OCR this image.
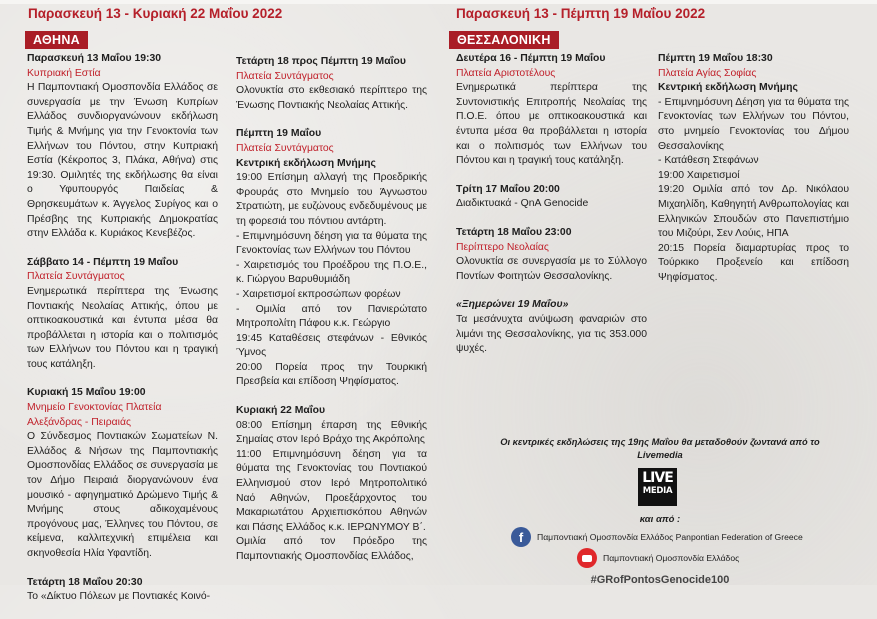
Παρασκευή 13 - Κυριακή 22 Μαΐου 2022
ΑΘΗΝΑ
Παρασκευή 13 - Πέμπτη 19 Μαΐου 2022
ΘΕΣΣΑΛΟΝΙΚΗ
Παρασκευή 13 Μαΐου 19:30
Κυπριακή Εστία
Η Παμποντιακή Ομοσπονδία Ελλάδος σε συνεργασία με την Ένωση Κυπρίων Ελλάδος συνδιοργανώνουν εκδήλωση Τιμής & Μνήμης για την Γενοκτονία των Ελλήνων του Πόντου, στην Κυπριακή Εστία (Κέκροπος 3, Πλάκα, Αθήνα) στις 19:30. Ομιλητές της εκδήλωσης θα είναι ο Υφυπουργός Παιδείας & Θρησκευμάτων κ. Άγγελος Συρίγος και ο Πρέσβης της Κυπριακής Δημοκρατίας στην Ελλάδα κ. Κυριάκος Κενεβέζος.
Σάββατο 14 - Πέμπτη 19 Μαΐου
Πλατεία Συντάγματος
Ενημερωτικά περίπτερα της Ένωσης Ποντιακής Νεολαίας Αττικής, όπου με οπτικοακουστικά και έντυπα μέσα θα προβάλλεται η ιστορία και ο πολιτισμός των Ελλήνων του Πόντου και η τραγική τους κατάληξη.
Κυριακή 15 Μαΐου 19:00
Μνημείο Γενοκτονίας Πλατεία Αλεξάνδρας - Πειραιάς
Ο Σύνδεσμος Ποντιακών Σωματείων Ν. Ελλάδος & Νήσων της Παμποντιακής Ομοσπονδίας Ελλάδος σε συνεργασία με τον Δήμο Πειραιά διοργανώνουν ένα μουσικό - αφηγηματικό Δρώμενο Τιμής & Μνήμης στους αδικοχαμένους προγόνους μας, Έλληνες του Πόντου, σε κείμενα, καλλιτεχνική επιμέλεια και σκηνοθεσία Ηλία Υφαντίδη.
Τετάρτη 18 Μαΐου 20:30
Το «Δίκτυο Πόλεων με Ποντιακές Κοινό-
Τετάρτη 18 προς Πέμπτη 19 Μαΐου
Πλατεία Συντάγματος
Ολονυκτία στο εκθεσιακό περίπτερο της Ένωσης Ποντιακής Νεολαίας Αττικής.
Πέμπτη 19 Μαΐου
Πλατεία Συντάγματος
Κεντρική εκδήλωση Μνήμης
19:00 Επίσημη αλλαγή της Προεδρικής Φρουράς στο Μνημείο του Άγνωστου Στρατιώτη, με ευζώνους ενδεδυμένους με τη φορεσιά του πόντιου αντάρτη.
- Επιμνημόσυνη δέηση για τα θύματα της Γενοκτονίας των Ελλήνων του Πόντου
- Χαιρετισμός του Προέδρου της Π.Ο.Ε., κ. Γιώργου Βαρυθυμιάδη
- Χαιρετισμοί εκπροσώπων φορέων
- Ομιλία από τον Πανιερώτατο Μητροπολίτη Πάφου κ.κ. Γεώργιο
19:45 Καταθέσεις στεφάνων - Εθνικός Ύμνος
20:00 Πορεία προς την Τουρκική Πρεσβεία και επίδοση Ψηφίσματος.
Κυριακή 22 Μαΐου
08:00 Επίσημη έπαρση της Εθνικής Σημαίας στον Ιερό Βράχο της Ακρόπολης
11:00 Επιμνημόσυνη δέηση για τα θύματα της Γενοκτονίας του Ποντιακού Ελληνισμού στον Ιερό Μητροπολιτικό Ναό Αθηνών, Προεξάρχοντος του Μακαριωτάτου Αρχιεπισκόπου Αθηνών και Πάσης Ελλάδος κ.κ. ΙΕΡΩΝΥΜΟΥ Β΄.
Ομιλία από τον Πρόεδρο της Παμποντιακής Ομοσπονδίας Ελλάδος,
Δευτέρα 16 - Πέμπτη 19 Μαΐου
Πλατεία Αριστοτέλους
Ενημερωτικά περίπτερα της Συντονιστικής Επιτροπής Νεολαίας της Π.Ο.Ε. όπου με οπτικοακουστικά και έντυπα μέσα θα προβάλλεται η ιστορία και ο πολιτισμός των Ελλήνων του Πόντου και η τραγική τους κατάληξη.
Τρίτη 17 Μαΐου 20:00
Διαδικτυακά - QnA Genocide
Τετάρτη 18 Μαΐου 23:00
Περίπτερο Νεολαίας
Ολονυκτία σε συνεργασία με το Σύλλογο Ποντίων Φοιτητών Θεσσαλονίκης.
«Ξημερώνει 19 Μαΐου»
Τα μεσάνυχτα ανύψωση φαναριών στο λιμάνι της Θεσσαλονίκης, για τις 353.000 ψυχές.
Πέμπτη 19 Μαΐου 18:30
Πλατεία Αγίας Σοφίας
Κεντρική εκδήλωση Μνήμης
- Επιμνημόσυνη Δέηση για τα θύματα της Γενοκτονίας των Ελλήνων του Πόντου, στο μνημείο Γενοκτονίας του Δήμου Θεσσαλονίκης
- Κατάθεση Στεφάνων
19:00 Χαιρετισμοί
19:20 Ομιλία από τον Δρ. Νικόλαου Μιχαηλίδη, Καθηγητή Ανθρωπολογίας και Ελληνικών Σπουδών στο Πανεπιστήμιο του Μιζούρι, Σεν Λούις, ΗΠΑ
20:15 Πορεία διαμαρτυρίας προς το Τούρκικο Προξενείο και επίδοση Ψηφίσματος.
Οι κεντρικές εκδηλώσεις της 19ης Μαΐου θα μεταδοθούν ζωντανά από το Livemedia
LIVE
MEDIA
και από :
f	Παμποντιακή Ομοσπονδία Ελλάδος Panpontian Federation of Greece
Παμποντιακή Ομοσπονδία Ελλάδος
#GRofPontosGenocide100
